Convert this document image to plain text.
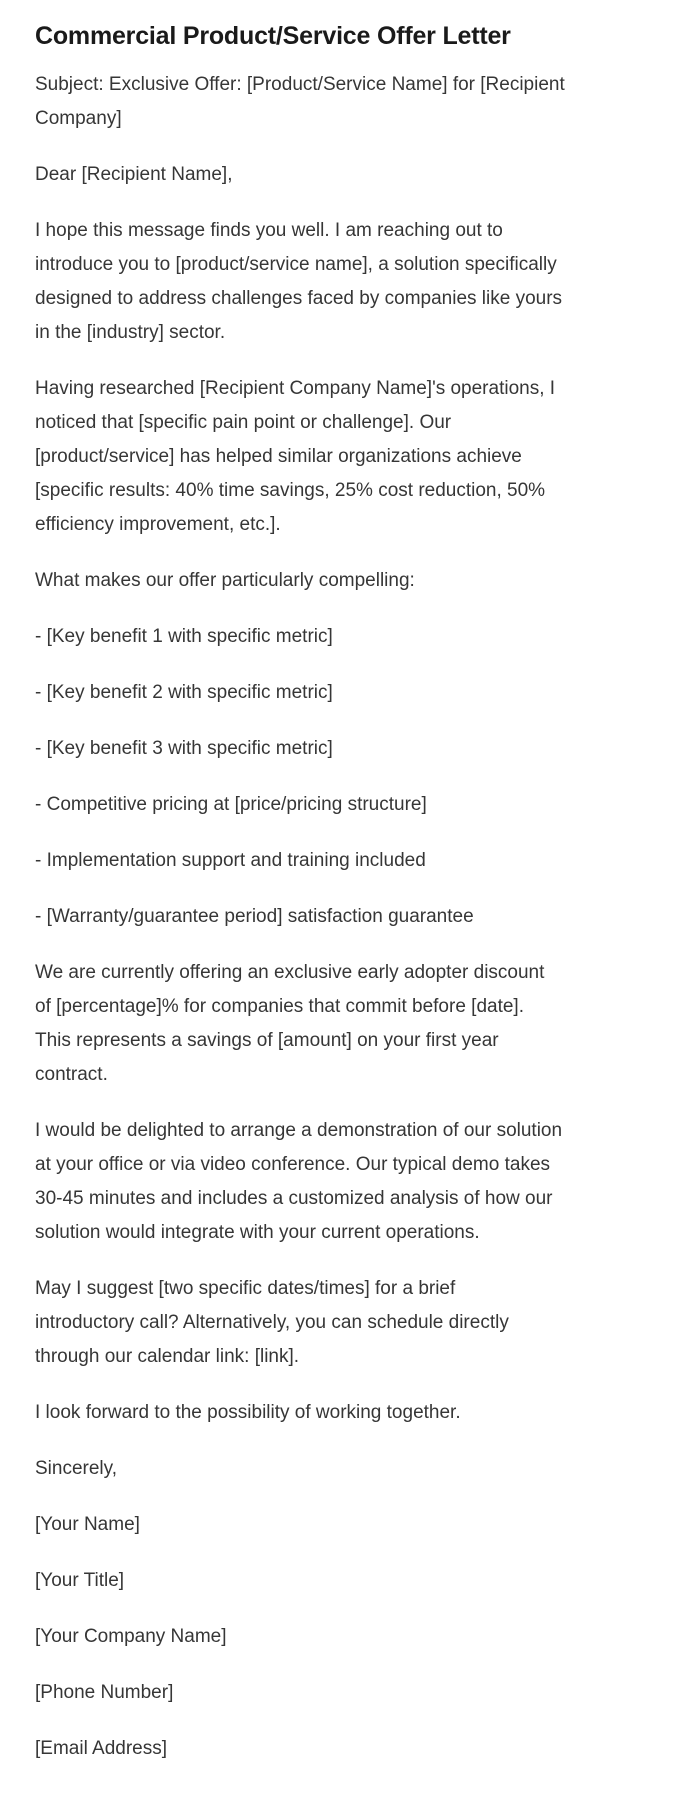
Commercial Product/Service Offer Letter

Subject: Exclusive Offer: [Product/Service Name] for [Recipient
Company]

Dear [Recipient Name],

I hope this message finds you well. I am reaching out to
introduce you to [product/service name], a solution specifically
designed to address challenges faced by companies like yours
in the [industry] sector.

Having researched [Recipient Company Name]'s operations, I
noticed that [specific pain point or challenge]. Our
[product/service] has helped similar organizations achieve
[specific results: 40% time savings, 25% cost reduction, 50%
efficiency improvement, etc.].

What makes our offer particularly compelling:

- [Key benefit 1 with specific metric]

- [Key benefit 2 with specific metric]

- [Key benefit 3 with specific metric]

- Competitive pricing at [price/pricing structure]

- Implementation support and training included

- [Warranty/guarantee period] satisfaction guarantee

We are currently offering an exclusive early adopter discount
of [percentage]% for companies that commit before [date].
This represents a savings of [amount] on your first year
contract.

I would be delighted to arrange a demonstration of our solution
at your office or via video conference. Our typical demo takes
30-45 minutes and includes a customized analysis of how our
solution would integrate with your current operations.

May I suggest [two specific dates/times] for a brief
introductory call? Alternatively, you can schedule directly
through our calendar link: [link].

I look forward to the possibility of working together.

Sincerely,

[Your Name]

[Your Title]

[Your Company Name]

[Phone Number]

[Email Address]
